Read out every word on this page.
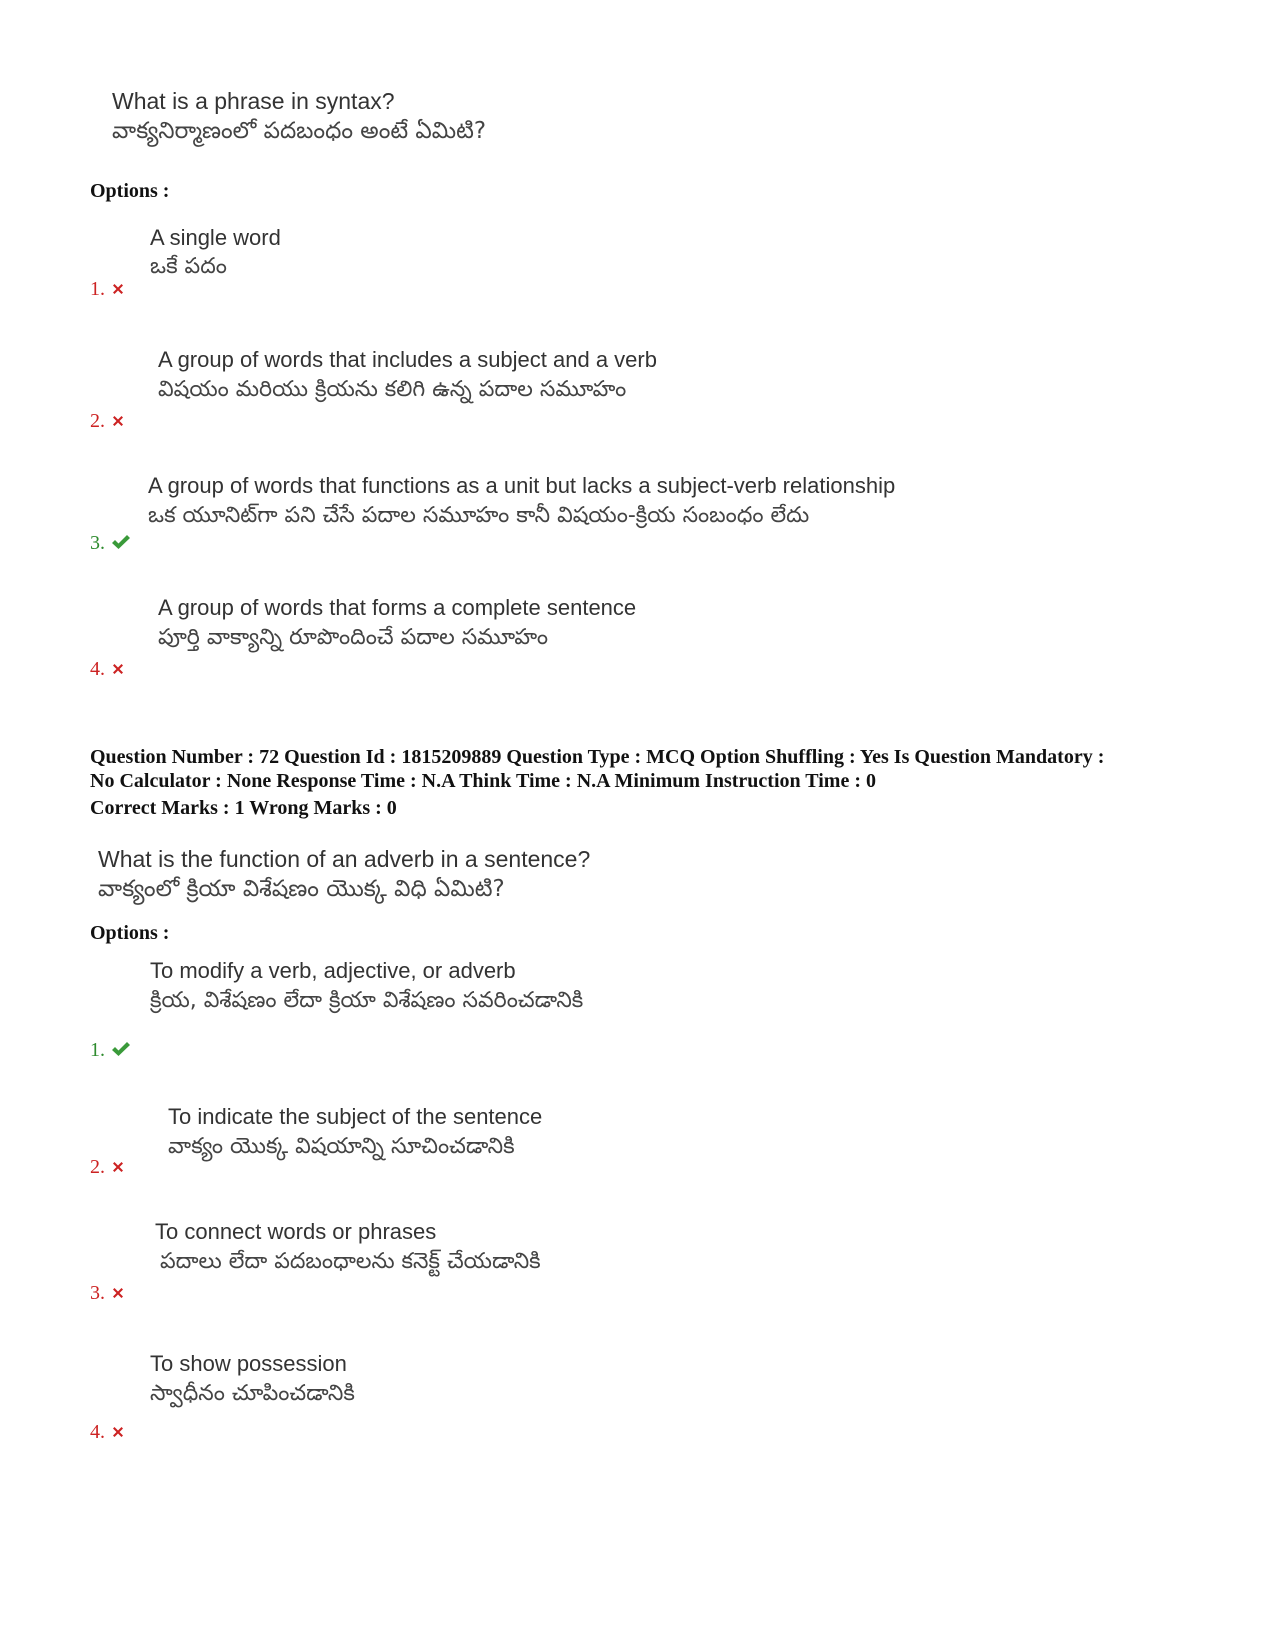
What is a phrase in syntax?
వాక్యనిర్మాణంలో పదబంధం అంటే ఏమిటి?
Options :
A single word
ఒకే పదం
1.
A group of words that includes a subject and a verb
విషయం మరియు క్రియను కలిగి ఉన్న పదాల సమూహం
2.
A group of words that functions as a unit but lacks a subject-verb relationship
ఒక యూనిట్‌గా పని చేసే పదాల సమూహం కానీ విషయం-క్రియ సంబంధం లేదు
3.
A group of words that forms a complete sentence
పూర్తి వాక్యాన్ని రూపొందించే పదాల సమూహం
4.
Question Number : 72 Question Id : 1815209889 Question Type : MCQ Option Shuffling : Yes Is Question Mandatory :
No Calculator : None Response Time : N.A Think Time : N.A Minimum Instruction Time : 0
Correct Marks : 1 Wrong Marks : 0
What is the function of an adverb in a sentence?
వాక్యంలో క్రియా విశేషణం యొక్క విధి ఏమిటి?
Options :
To modify a verb, adjective, or adverb
క్రియ, విశేషణం లేదా క్రియా విశేషణం సవరించడానికి
1.
To indicate the subject of the sentence
వాక్యం యొక్క విషయాన్ని సూచించడానికి
2.
To connect words or phrases
పదాలు లేదా పదబంధాలను కనెక్ట్ చేయడానికి
3.
To show possession
స్వాధీనం చూపించడానికి
4.
